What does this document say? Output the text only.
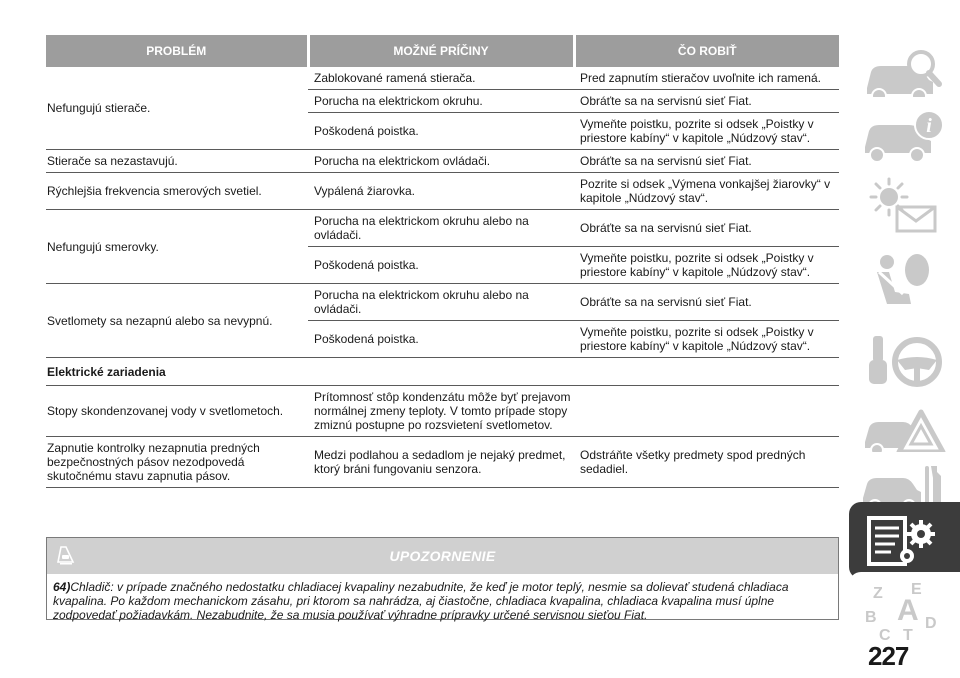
PROBLÉM	MOŽNÉ PRÍČINY	ČO ROBIŤ
Nefungujú stierače.	Zablokované ramená stierača.	Pred zapnutím stieračov uvoľnite ich ramená.
	Porucha na elektrickom okruhu.	Obráťte sa na servisnú sieť Fiat.
	Poškodená poistka.	Vymeňte poistku, pozrite si odsek „Poistky v priestore kabíny“ v kapitole „Núdzový stav“.
Stierače sa nezastavujú.	Porucha na elektrickom ovládači.	Obráťte sa na servisnú sieť Fiat.
Rýchlejšia frekvencia smerových svetiel.	Vypálená žiarovka.	Pozrite si odsek „Výmena vonkajšej žiarovky“ v kapitole „Núdzový stav“.
Nefungujú smerovky.	Porucha na elektrickom okruhu alebo na ovládači.	Obráťte sa na servisnú sieť Fiat.
	Poškodená poistka.	Vymeňte poistku, pozrite si odsek „Poistky v priestore kabíny“ v kapitole „Núdzový stav“.
Svetlomety sa nezapnú alebo sa nevypnú.	Porucha na elektrickom okruhu alebo na ovládači.	Obráťte sa na servisnú sieť Fiat.
	Poškodená poistka.	Vymeňte poistku, pozrite si odsek „Poistky v priestore kabíny“ v kapitole „Núdzový stav“.
Elektrické zariadenia		
Stopy skondenzovanej vody v svetlometoch.	Prítomnosť stôp kondenzátu môže byť prejavom normálnej zmeny teploty. V tomto prípade stopy zmiznú postupne po rozsvietení svetlometov.	
Zapnutie kontrolky nezapnutia predných bezpečnostných pásov nezodpovedá skutočnému stavu zapnutia pásov.	Medzi podlahou a sedadlom je nejaký predmet, ktorý bráni fungovaniu senzora.	Odstráňte všetky predmety spod predných sedadiel.
UPOZORNENIE
64)Chladič: v prípade značného nedostatku chladiacej kvapaliny nezabudnite, že keď je motor teplý, nesmie sa dolievať studená chladiaca kvapalina. Po každom mechanickom zásahu, pri ktorom sa nahrádza, aj čiastočne, chladiaca kvapalina, chladiaca kvapalina musí úplne zodpovedať požiadavkám. Nezabudnite, že sa musia používať výhradne prípravky určené servisnou sieťou Fiat.
i
Z E
B A
C T
D
227
